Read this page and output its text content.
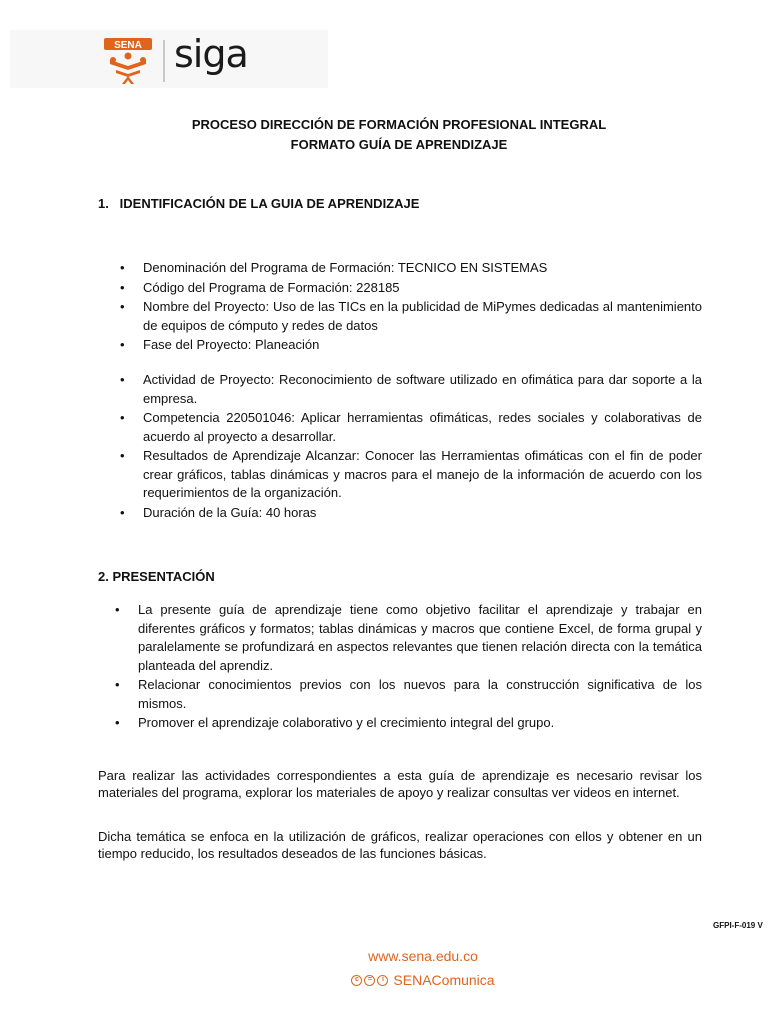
SENA siga
PROCESO DIRECCIÓN DE FORMACIÓN PROFESIONAL INTEGRAL
FORMATO GUÍA DE APRENDIZAJE
1.   IDENTIFICACIÓN DE LA GUIA DE APRENDIZAJE
• Denominación del Programa de Formación: TECNICO EN SISTEMAS
• Código del Programa de Formación: 228185
• Nombre del Proyecto: Uso de las TICs en la publicidad de MiPymes dedicadas al mantenimiento de equipos de cómputo y redes de datos
• Fase del Proyecto: Planeación
• Actividad de Proyecto: Reconocimiento de software utilizado en ofimática para dar soporte a la empresa.
• Competencia 220501046: Aplicar herramientas ofimáticas, redes sociales y colaborativas de acuerdo al proyecto a desarrollar.
• Resultados de Aprendizaje Alcanzar: Conocer las Herramientas ofimáticas con el fin de poder crear gráficos, tablas dinámicas y macros para el manejo de la información de acuerdo con los requerimientos de la organización.
• Duración de la Guía: 40 horas
2. PRESENTACIÓN
• La presente guía de aprendizaje tiene como objetivo facilitar el aprendizaje y trabajar en diferentes gráficos y formatos; tablas dinámicas y macros que contiene Excel, de forma grupal y paralelamente se profundizará en aspectos relevantes que tienen relación directa con la temática planteada del aprendiz.
• Relacionar conocimientos previos con los nuevos para la construcción significativa de los mismos.
• Promover el aprendizaje colaborativo y el crecimiento integral del grupo.

Para realizar las actividades correspondientes a esta guía de aprendizaje es necesario revisar los materiales del programa, explorar los materiales de apoyo y realizar consultas ver videos en internet.

Dicha temática se enfoca en la utilización de gráficos, realizar operaciones con ellos y obtener en un tiempo reducido, los resultados deseados de las funciones básicas.

GFPI-F-019 V
www.sena.edu.co
c	=	i SENAComunica
